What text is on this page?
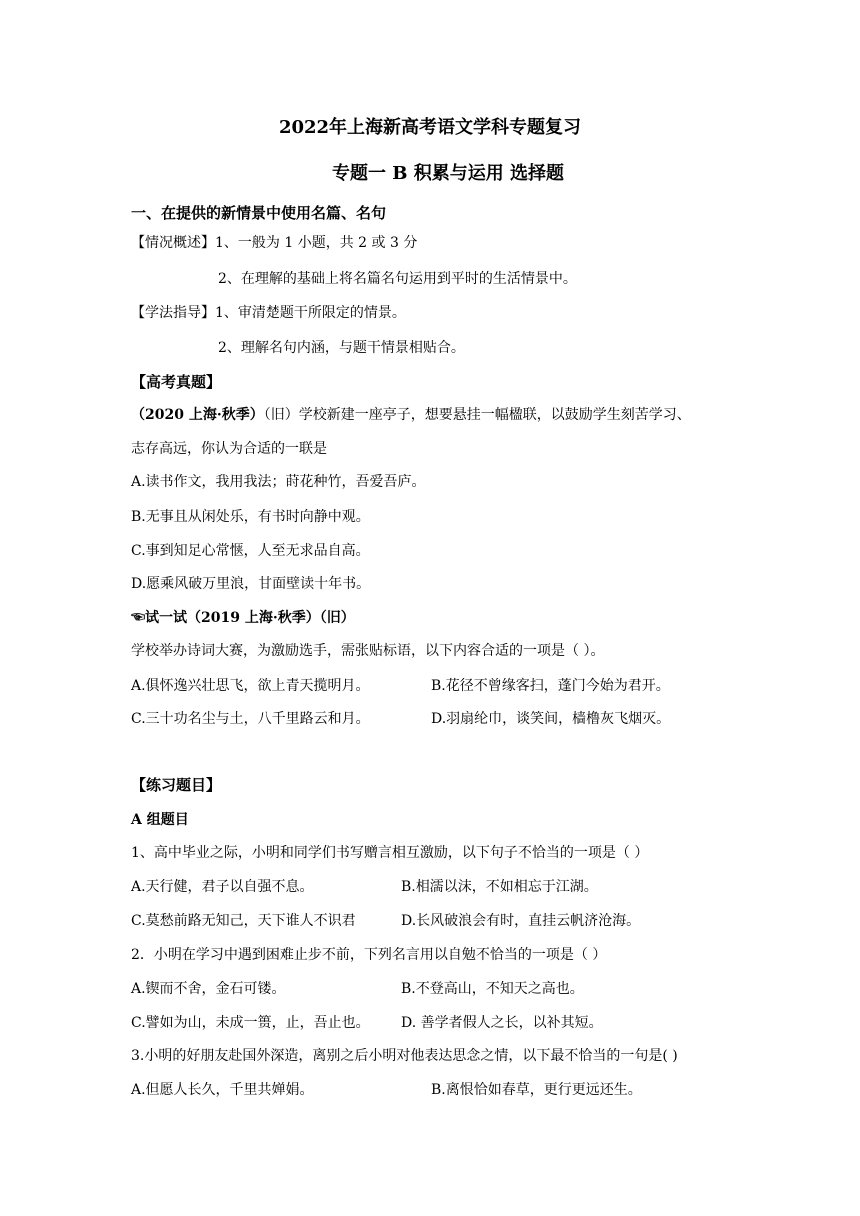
2022年上海新高考语文学科专题复习
专题一 B 积累与运用 选择题
一、在提供的新情景中使用名篇、名句
【情况概述】1、一般为 1 小题，共 2 或 3 分
2、在理解的基础上将名篇名句运用到平时的生活情景中。
【学法指导】1、审清楚题干所限定的情景。
2、理解名句内涵，与题干情景相贴合。
【高考真题】
（2020 上海·秋季）（旧）学校新建一座亭子，想要悬挂一幅楹联，以鼓励学生刻苦学习、
志存高远，你认为合适的一联是
A.读书作文，我用我法；莳花种竹，吾爱吾庐。
B.无事且从闲处乐，有书时向静中观。
C.事到知足心常惬，人至无求品自高。
D.愿乘风破万里浪，甘面壁读十年书。
☜试一试（2019 上海·秋季）（旧）
学校举办诗词大赛，为激励选手，需张贴标语，以下内容合适的一项是（ ）。
A.俱怀逸兴壮思飞，欲上青天揽明月。	B.花径不曾缘客扫，蓬门今始为君开。
C.三十功名尘与土，八千里路云和月。	D.羽扇纶巾，谈笑间，樯橹灰飞烟灭。
【练习题目】
A 组题目
1、高中毕业之际，小明和同学们书写赠言相互激励，以下句子不恰当的一项是（ ）
A.天行健，君子以自强不息。	B.相濡以沫，不如相忘于江湖。
C.莫愁前路无知己，天下谁人不识君	D.长风破浪会有时，直挂云帆济沧海。
2．小明在学习中遇到困难止步不前，下列名言用以自勉不恰当的一项是（ ）
A.锲而不舍，金石可镂。	B.不登高山，不知天之高也。
C.譬如为山，未成一篑，止，吾止也。 D. 善学者假人之长，以补其短。
3.小明的好朋友赴国外深造，离别之后小明对他表达思念之情，以下最不恰当的一句是( )
A.但愿人长久，千里共婵娟。	B.离恨恰如春草，更行更远还生。
